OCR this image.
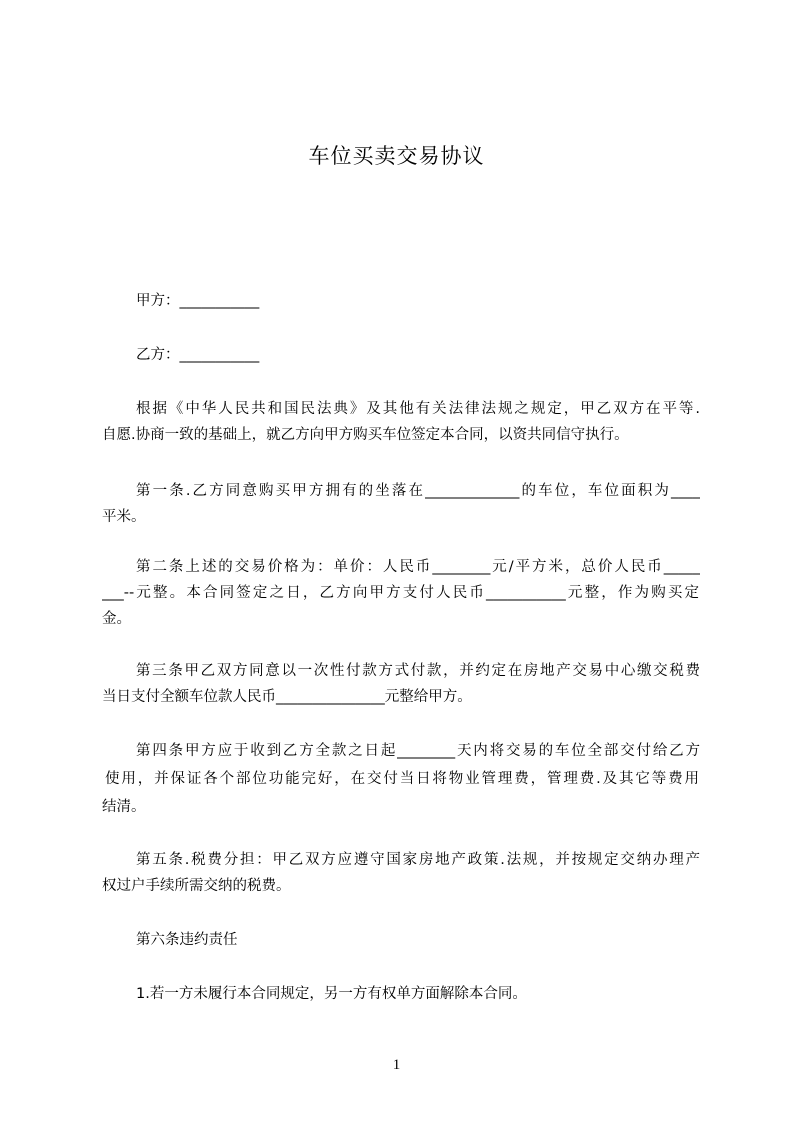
车位买卖交易协议
甲方：___________
乙方：___________
根据《中华人民共和国民法典》及其他有关法律法规之规定，甲乙双方在平等.
自愿.协商一致的基础上，就乙方向甲方购买车位签定本合同，以资共同信守执行。
第一条.乙方同意购买甲方拥有的坐落在_____________的车位，车位面积为____
平米。
第二条上述的交易价格为：单价：人民币________元/平方米，总价人民币_____
___--元整。本合同签定之日，乙方向甲方支付人民币___________元整，作为购买定
金。
第三条甲乙双方同意以一次性付款方式付款，并约定在房地产交易中心缴交税费
当日支付全额车位款人民币_______________元整给甲方。
第四条甲方应于收到乙方全款之日起________天内将交易的车位全部交付给乙方
使用，并保证各个部位功能完好，在交付当日将物业管理费，管理费.及其它等费用
结清。
第五条.税费分担：甲乙双方应遵守国家房地产政策.法规，并按规定交纳办理产
权过户手续所需交纳的税费。
第六条违约责任
1.若一方未履行本合同规定，另一方有权单方面解除本合同。
1
